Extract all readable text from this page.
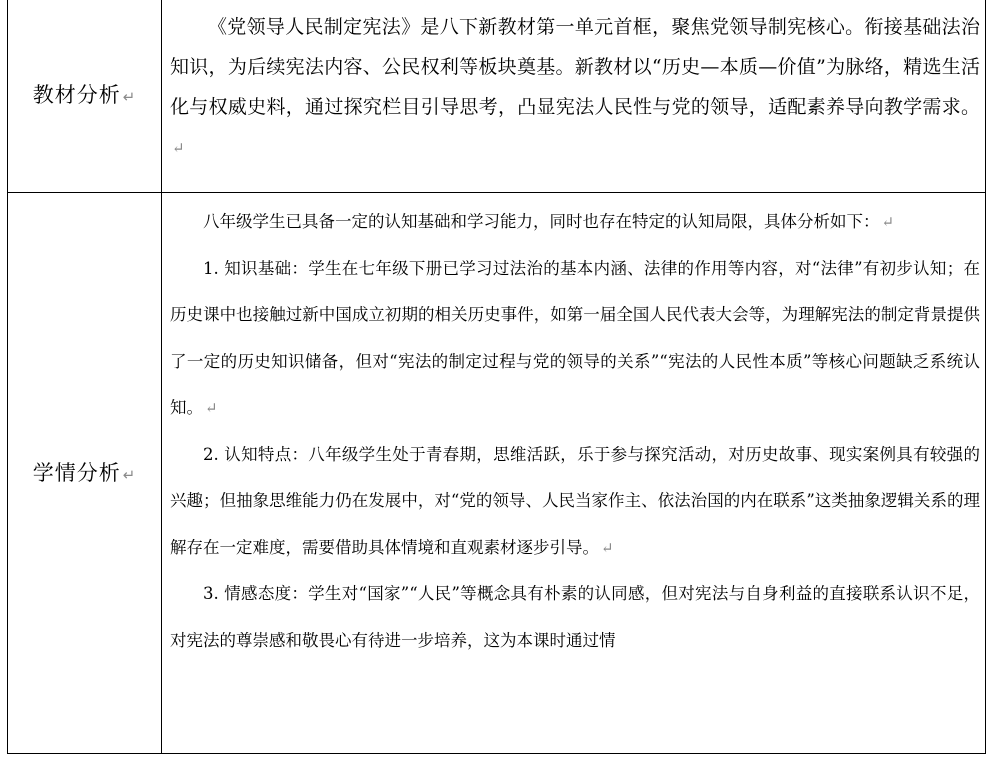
教材分析 ↵

《党领导人民制定宪法》是八下新教材第一单元首框，聚焦党领导制宪核心。衔接基础法治知识，为后续宪法内容、公民权利等板块奠基。新教材以“历史—本质—价值”为脉络，精选生活化与权威史料，通过探究栏目引导思考，凸显宪法人民性与党的领导，适配素养导向教学需求。↵

学情分析 ↵

八年级学生已具备一定的认知基础和学习能力，同时也存在特定的认知局限，具体分析如下： ↵

1. 知识基础：学生在七年级下册已学习过法治的基本内涵、法律的作用等内容，对“法律”有初步认知；在历史课中也接触过新中国成立初期的相关历史事件，如第一届全国人民代表大会等，为理解宪法的制定背景提供了一定的历史知识储备，但对“宪法的制定过程与党的领导的关系”“宪法的人民性本质”等核心问题缺乏系统认知。 ↵

2. 认知特点：八年级学生处于青春期，思维活跃，乐于参与探究活动，对历史故事、现实案例具有较强的兴趣；但抽象思维能力仍在发展中，对“党的领导、人民当家作主、依法治国的内在联系”这类抽象逻辑关系的理解存在一定难度，需要借助具体情境和直观素材逐步引导。 ↵

3. 情感态度：学生对“国家”“人民”等概念具有朴素的认同感，但对宪法与自身利益的直接联系认识不足，对宪法的尊崇感和敬畏心有待进一步培养，这为本课时通过情
